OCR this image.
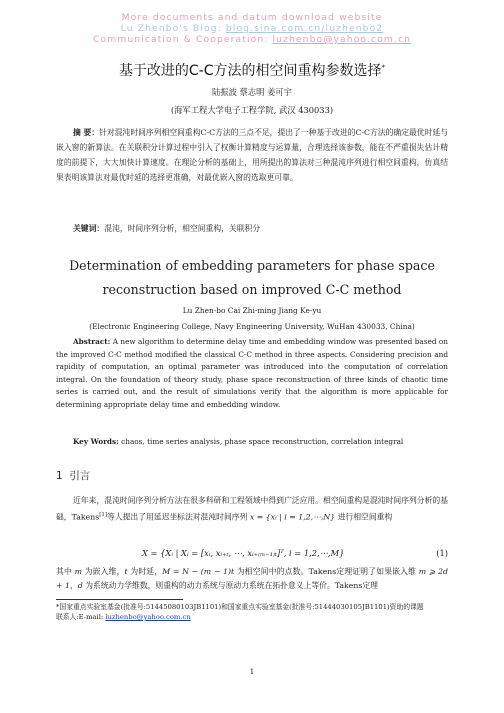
More documents and datum download website
Lu Zhenbo's Blog: blog.sina.com.cn/luzhenbo2
Communication & Cooperation: luzhenbo@yahoo.com.cn
基于改进的C-C方法的相空间重构参数选择*
陆振波 蔡志明 姜可宇
(海军工程大学电子工程学院, 武汉 430033)
摘 要：针对混沌时间序列相空间重构C-C方法的三点不足，提出了一种基于改进的C-C方法的确定最优时延与嵌入窗的新算法。在关联积分计算过程中引入了权衡计算精度与运算量，合理选择该参数，能在不严重损失估计精度的前提下，大大加快计算速度。在理论分析的基础上，用所提出的算法对三种混沌序列进行相空间重构，仿真结果表明该算法对最优时延的选择更准确，对最优嵌入窗的选取更可靠。
关键词：混沌，时间序列分析，相空间重构，关联积分
Determination of embedding parameters for phase space
reconstruction based on improved C-C method
Lu Zhen-bo Cai Zhi-ming Jiang Ke-yu
(Electronic Engineering College, Navy Engineering University, WuHan 430033, China)
Abstract: A new algorithm to determine delay time and embedding window was presented based on the improved C-C method modified the classical C-C method in three aspects. Considering precision and rapidity of computation, an optimal parameter was introduced into the computation of correlation integral. On the foundation of theory study, phase space reconstruction of three kinds of chaotic time series is carried out, and the result of simulations verify that the algorithm is more applicable for determining appropriate delay time and embedding window.
Key Words: chaos, time series analysis, phase space reconstruction, correlation integral
1 引言
近年来，混沌时间序列分析方法在很多科研和工程领域中得到广泛应用。相空间重构是混沌时间序列分析的基础，Takens[1]等人提出了用延迟坐标法对混沌时间序列 x = {xᵢ | i = 1,2,⋯,N} 进行相空间重构
X = {Xᵢ | Xᵢ = [xᵢ, xᵢ₊ₜ, ⋯, xᵢ₊₍ₘ₋₁₎ₜ]ᵀ, i = 1,2,⋯,M}	(1)
其中 m 为嵌入维，t 为时延，M = N − (m − 1)t 为相空间中的点数。Takens定理证明了如果嵌入维 m ⩾ 2d + 1，d 为系统动力学维数，则重构的动力系统与原动力系统在拓扑意义上等价。Takens定理
*国家重点实验室基金(批准号:51445080103JB1101)和国家重点实验室基金(批准号:51444030105JB1101)资助的课题
联系人:E-mail: luzhenbo@yahoo.com.cn
1
